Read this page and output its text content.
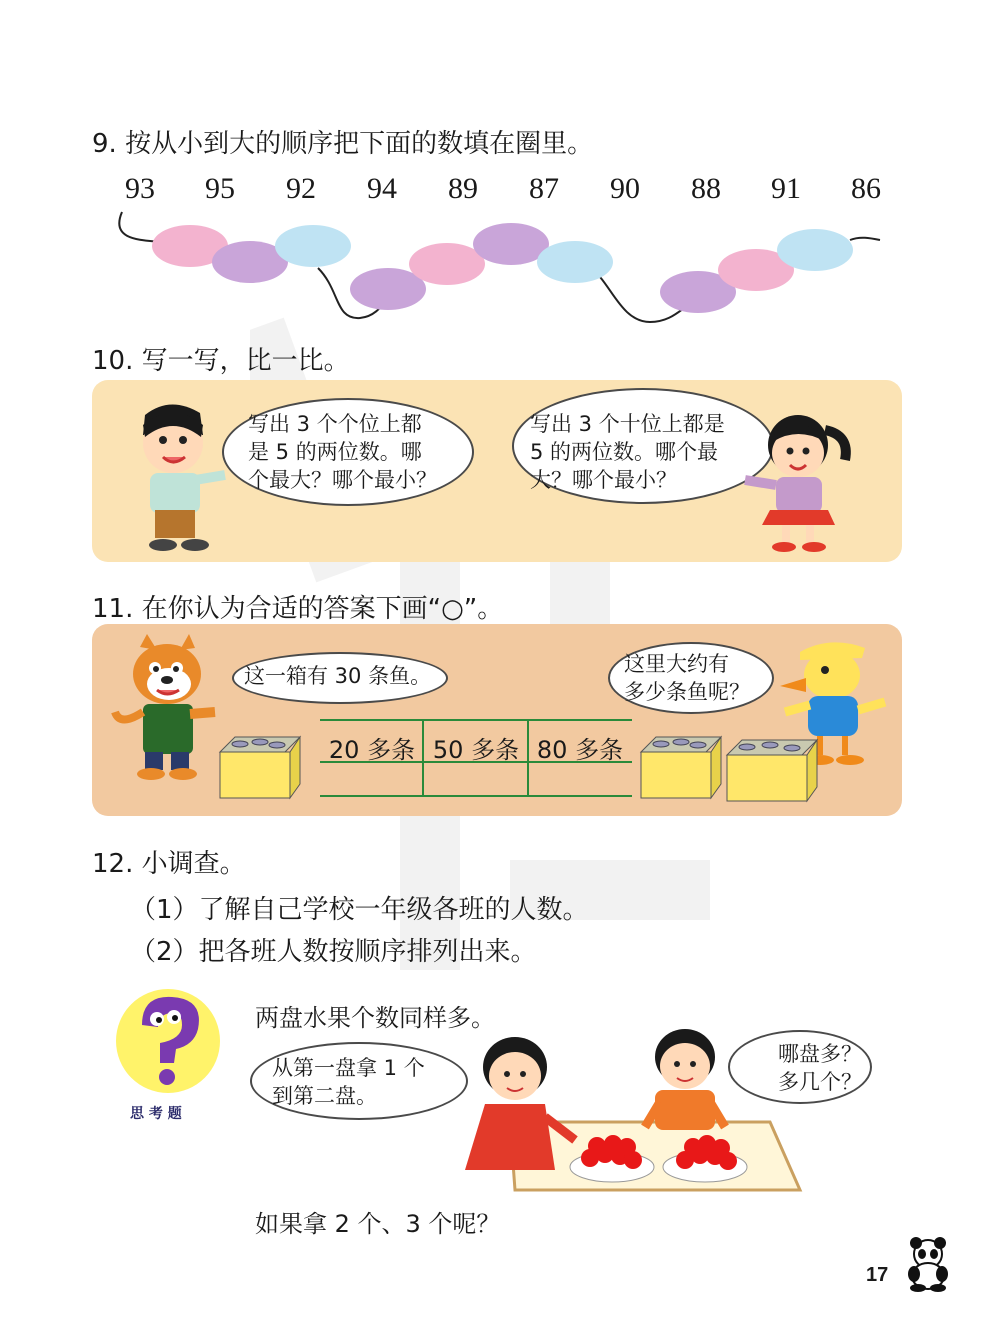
9. 按从小到大的顺序把下面的数填在圈里。
93	95	92	94	89	87	90	88	91	86
10. 写一写，比一比。
写出 3 个个位上都
是 5 的两位数。哪
个最大？哪个最小？
写出 3 个十位上都是
5 的两位数。哪个最
大？哪个最小？
11. 在你认为合适的答案下画“○”。
这一箱有 30 条鱼。	这里大约有
多少条鱼呢？
20 多条 50 多条 80 多条
12. 小调查。
（1）了解自己学校一年级各班的人数。
（2）把各班人数按顺序排列出来。
思 考 题
两盘水果个数同样多。
从第一盘拿 1 个
到第二盘。
哪盘多？
多几个？
如果拿 2 个、3 个呢？
17
